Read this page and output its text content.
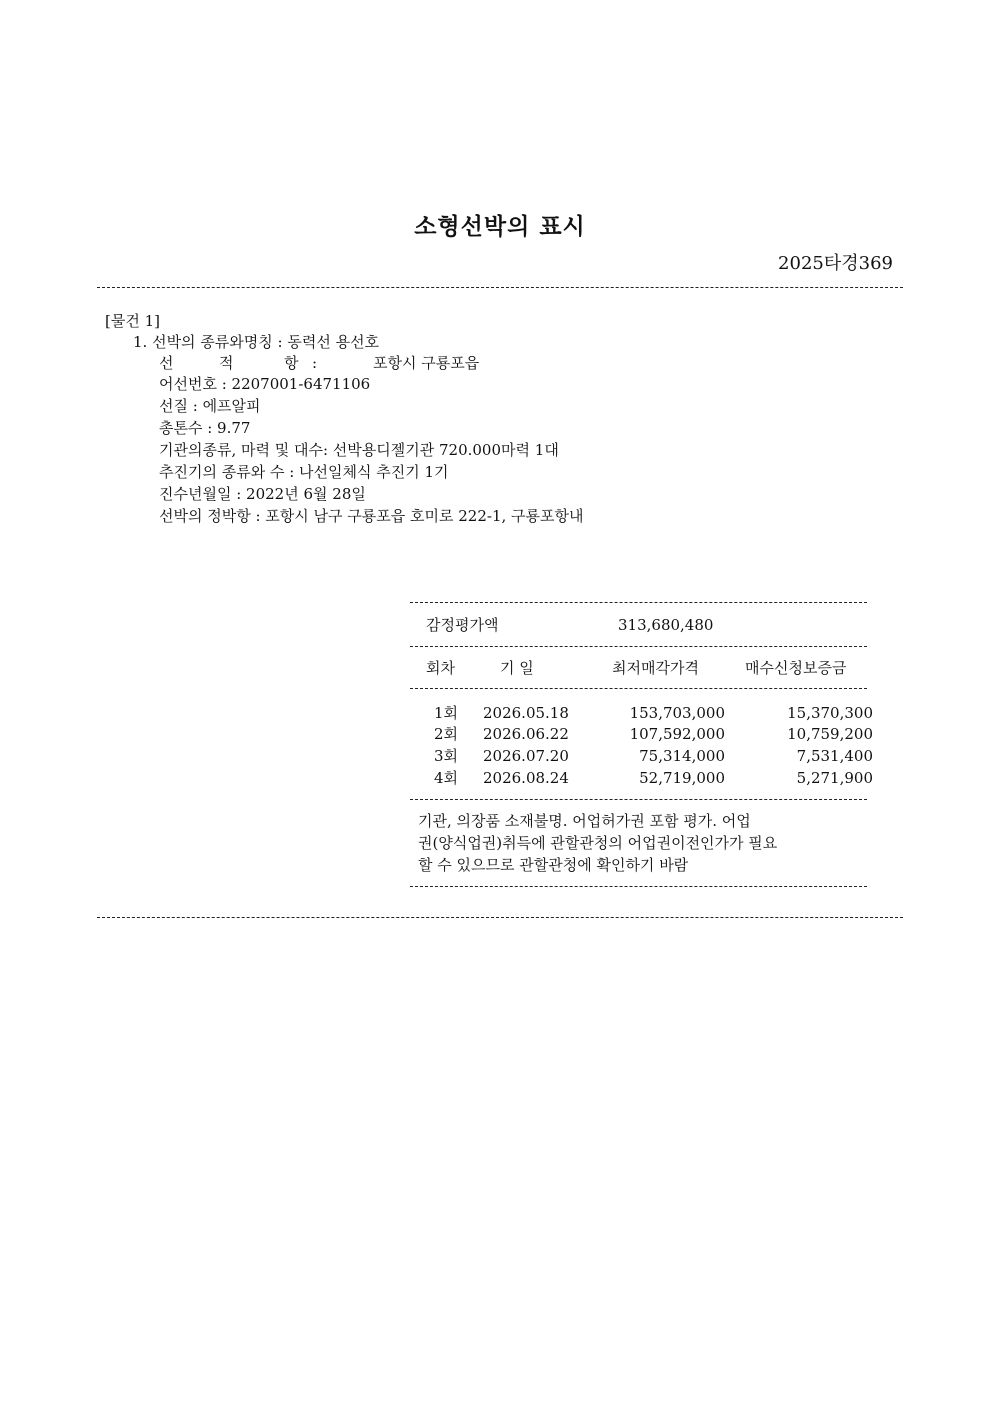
소형선박의 표시
2025타경369
[물건 1]
1. 선박의 종류와명칭 : 동력선 용선호
선	적	항 :	포항시 구룡포읍
어선번호 : 2207001-6471106
선질 : 에프알피
총톤수 : 9.77
기관의종류, 마력 및 대수: 선박용디젤기관 720.000마력 1대
추진기의 종류와 수 : 나선일체식 추진기 1기
진수년월일 : 2022년 6월 28일
선박의 정박항 : 포항시 남구 구룡포읍 호미로 222-1, 구룡포항내
감정평가액	313,680,480
회차	기 일	최저매각가격	매수신청보증금
1회 2026.05.18	153,703,000	15,370,300
2회 2026.06.22	107,592,000	10,759,200
3회 2026.07.20	75,314,000	7,531,400
4회 2026.08.24	52,719,000	5,271,900
기관, 의장품 소재불명. 어업허가권 포함 평가. 어업
권(양식업권)취득에 관할관청의 어업권이전인가가 필요
할 수 있으므로 관할관청에 확인하기 바람
